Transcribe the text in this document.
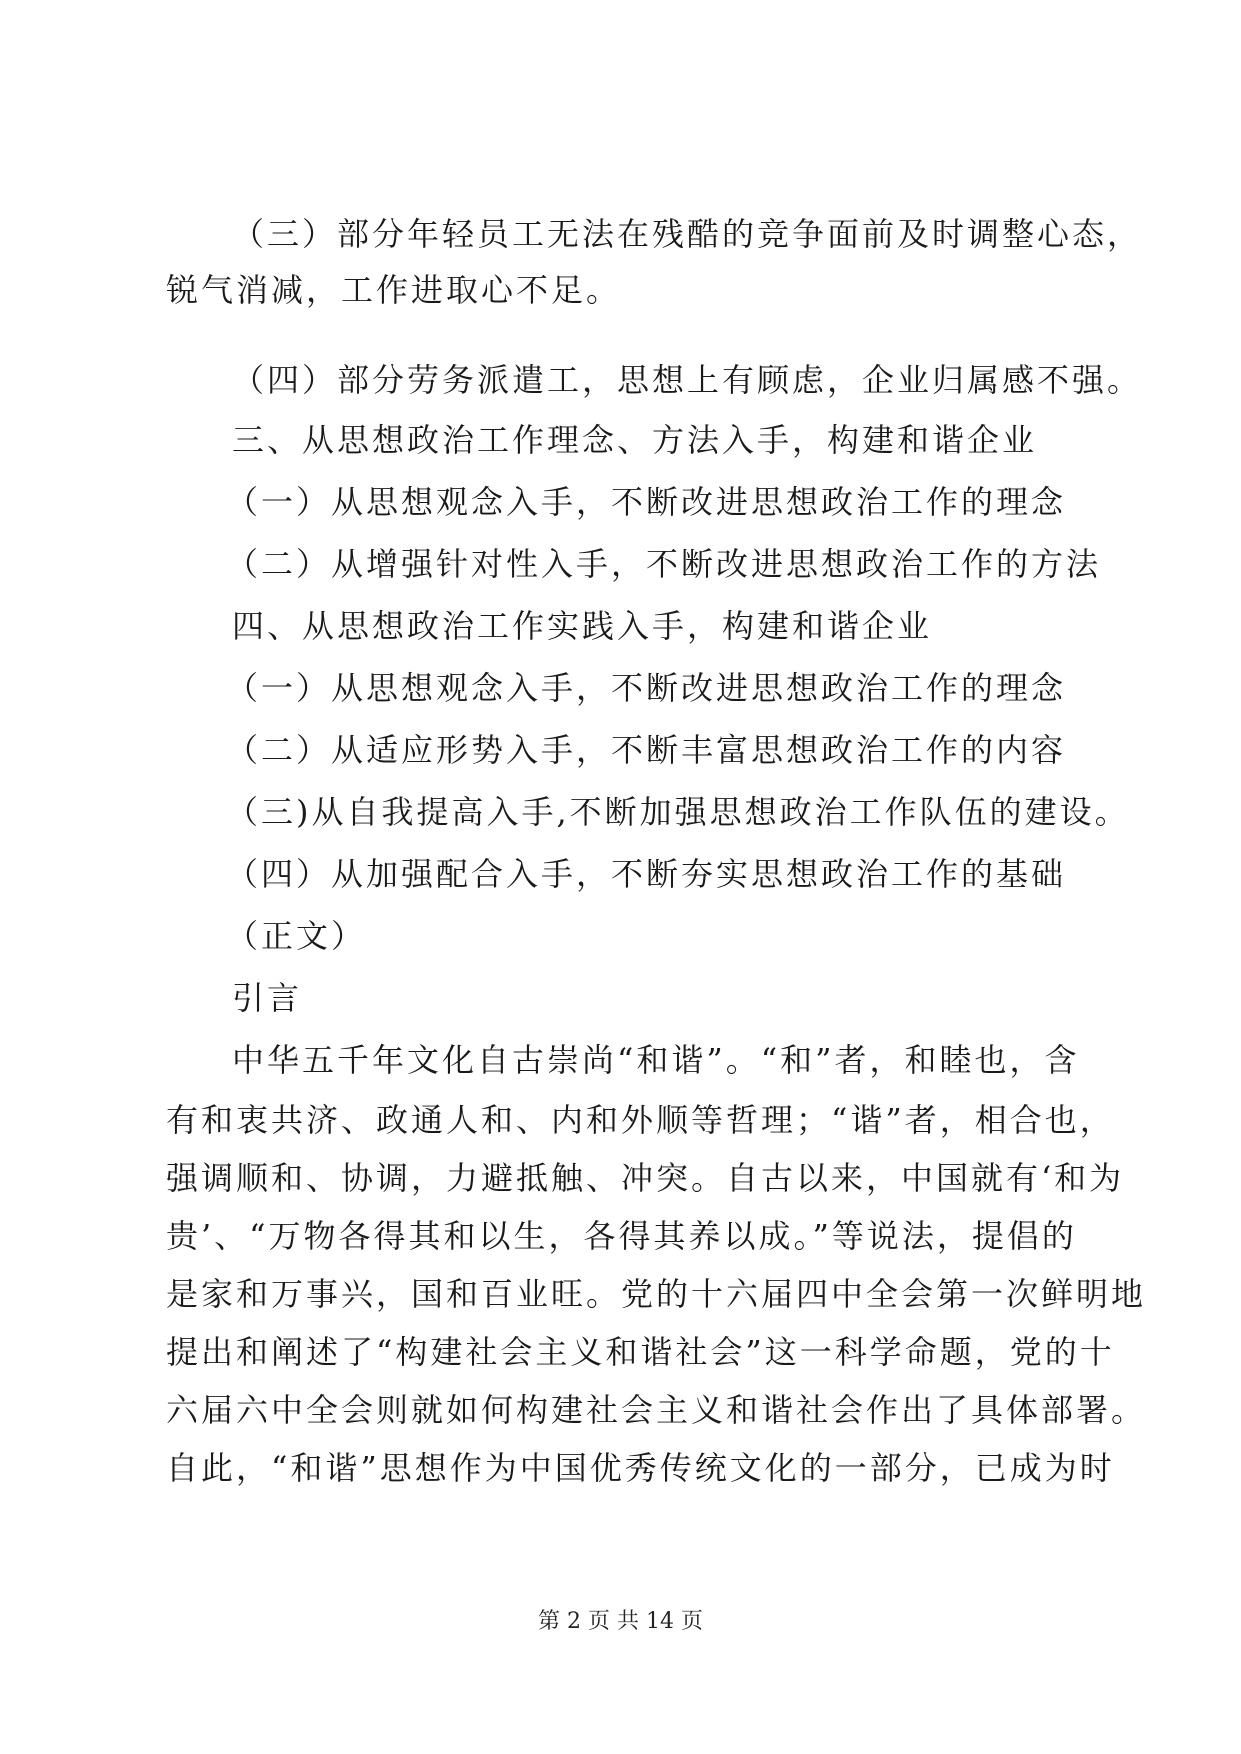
（三）部分年轻员工无法在残酷的竞争面前及时调整心态，
锐气消减，工作进取心不足。
（四）部分劳务派遣工，思想上有顾虑，企业归属感不强。
三、从思想政治工作理念、方法入手，构建和谐企业
（一）从思想观念入手，不断改进思想政治工作的理念
（二）从增强针对性入手，不断改进思想政治工作的方法
四、从思想政治工作实践入手，构建和谐企业
（一）从思想观念入手，不断改进思想政治工作的理念
（二）从适应形势入手，不断丰富思想政治工作的内容
（三)从自我提高入手,不断加强思想政治工作队伍的建设。
（四）从加强配合入手，不断夯实思想政治工作的基础
（正文）
引言
中华五千年文化自古崇尚“和谐”。“和”者，和睦也，含
有和衷共济、政通人和、内和外顺等哲理；“谐”者，相合也，
强调顺和、协调，力避抵触、冲突。自古以来，中国就有‘和为
贵’、“万物各得其和以生，各得其养以成。”等说法，提倡的
是家和万事兴，国和百业旺。党的十六届四中全会第一次鲜明地
提出和阐述了“构建社会主义和谐社会”这一科学命题，党的十
六届六中全会则就如何构建社会主义和谐社会作出了具体部署。
自此，“和谐”思想作为中国优秀传统文化的一部分，已成为时
第 2 页 共 14 页
